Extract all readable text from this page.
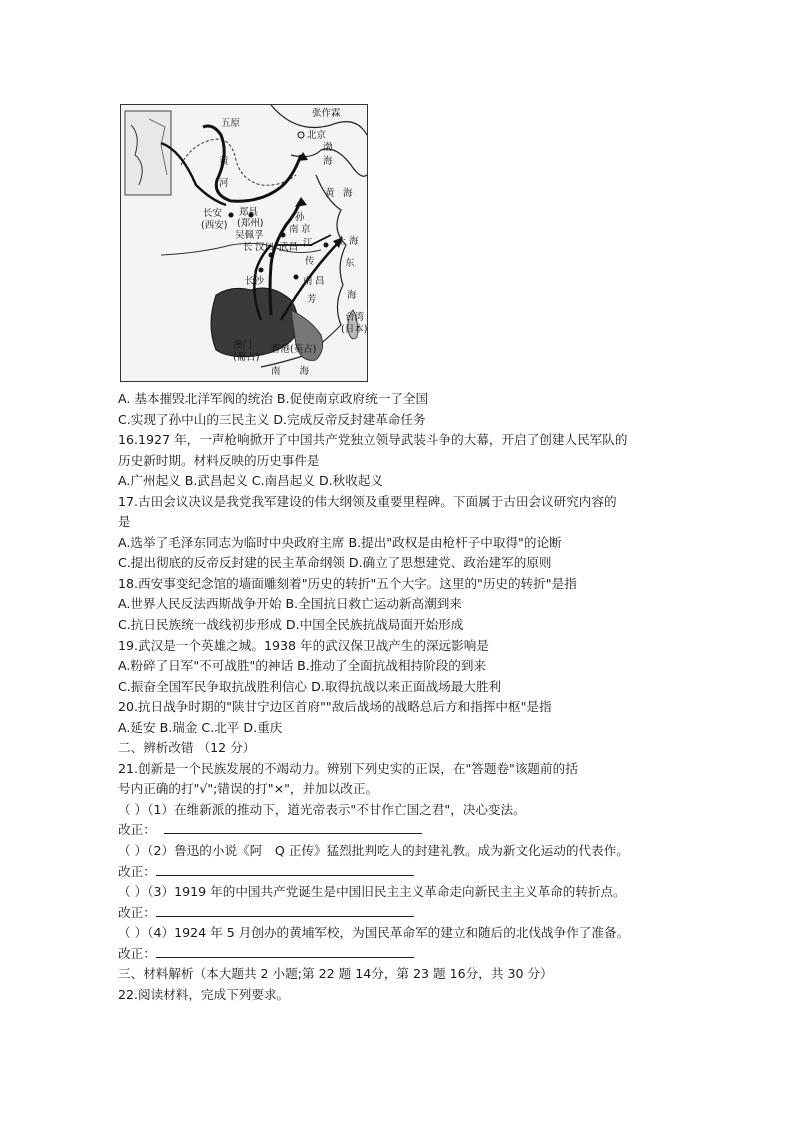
张作霖
五原
北京
渤
海
黄
河
黄 海
长安
(西安)
郑县
(郑州)
孙
南 京
吴佩孚
长 汉口 武昌 江
传
上 海
东
长沙	南 昌
芳	海
台湾
(日本)
澳门
(葡占)
香港(英占)
南　　海
A. 基本摧毁北洋军阀的统治 B.促使南京政府统一了全国
C.实现了孙中山的三民主义 D.完成反帝反封建革命任务
16.1927 年，一声枪响掀开了中国共产党独立领导武装斗争的大幕，开启了创建人民军队的
历史新时期。材料反映的历史事件是
A.广州起义 B.武昌起义 C.南昌起义 D.秋收起义
17.古田会议决议是我党我军建设的伟大纲领及重要里程碑。下面属于古田会议研究内容的
是
A.选举了毛泽东同志为临时中央政府主席 B.提出"政权是由枪杆子中取得"的论断
C.提出彻底的反帝反封建的民主革命纲领 D.确立了思想建党、政治建军的原则
18.西安事变纪念馆的墙面雕刻着"历史的转折"五个大字。这里的"历史的转折"是指
A.世界人民反法西斯战争开始 B.全国抗日救亡运动新高潮到来
C.抗日民族统一战线初步形成 D.中国全民族抗战局面开始形成
19.武汉是一个英雄之城。1938 年的武汉保卫战产生的深远影响是
A.粉碎了日军"不可战胜"的神话 B.推动了全面抗战相持阶段的到来
C.振奋全国军民争取抗战胜利信心 D.取得抗战以来正面战场最大胜利
20.抗日战争时期的"陕甘宁边区首府""敌后战场的战略总后方和指挥中枢"是指
A.延安 B.瑞金 C.北平 D.重庆
二、辨析改错 （12 分）
21.创新是一个民族发展的不竭动力。辨别下列史实的正误，在"答题卷"该题前的括
号内正确的打"√";错误的打"×"，并加以改正。
（ ）（1）在维新派的推动下，道光帝表示"不甘作亡国之君"，决心变法。
改正：
（ ）（2）鲁迅的小说《阿　Q 正传》猛烈批判吃人的封建礼教。成为新文化运动的代表作。
改正：
（ ）（3）1919 年的中国共产党诞生是中国旧民主主义革命走向新民主主义革命的转折点。
改正：
（ ）（4）1924 年 5 月创办的黄埔军校，为国民革命军的建立和随后的北伐战争作了准备。
改正：
三、材料解析（本大题共 2 小题;第 22 题 14分，第 23 题 16分，共 30 分）
22.阅读材料，完成下列要求。
